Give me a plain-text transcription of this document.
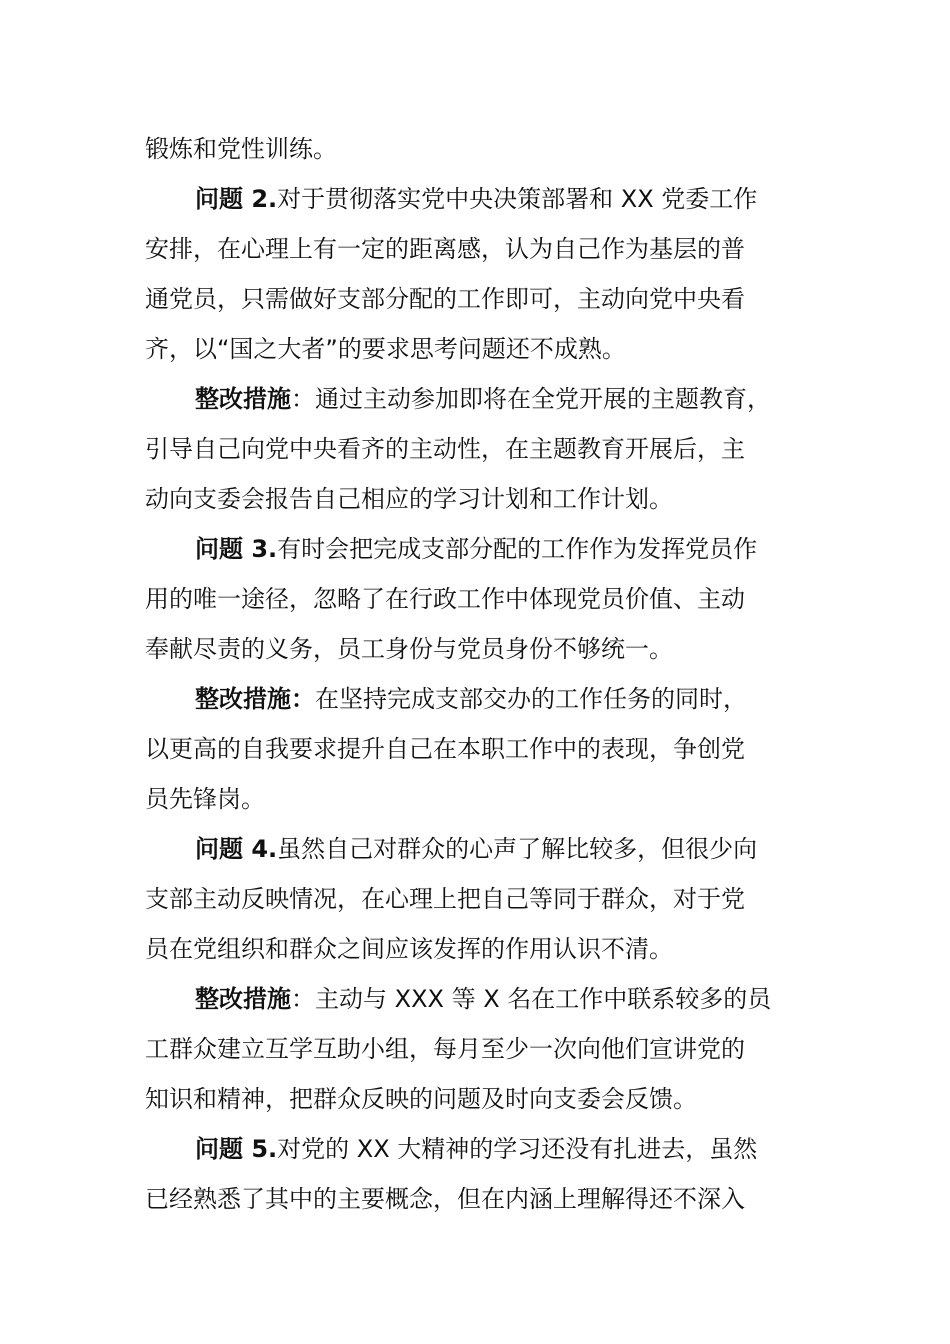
锻炼和党性训练。

问题 2.对于贯彻落实党中央决策部署和 XX 党委工作

安排，在心理上有一定的距离感，认为自己作为基层的普

通党员，只需做好支部分配的工作即可，主动向党中央看

齐，以“国之大者”的要求思考问题还不成熟。

整改措施：通过主动参加即将在全党开展的主题教育，

引导自己向党中央看齐的主动性，在主题教育开展后，主

动向支委会报告自己相应的学习计划和工作计划。

问题 3.有时会把完成支部分配的工作作为发挥党员作

用的唯一途径，忽略了在行政工作中体现党员价值、主动

奉献尽责的义务，员工身份与党员身份不够统一。

整改措施：在坚持完成支部交办的工作任务的同时，

以更高的自我要求提升自己在本职工作中的表现，争创党

员先锋岗。

问题 4.虽然自己对群众的心声了解比较多，但很少向

支部主动反映情况，在心理上把自己等同于群众，对于党

员在党组织和群众之间应该发挥的作用认识不清。

整改措施：主动与 XXX 等 X 名在工作中联系较多的员

工群众建立互学互助小组，每月至少一次向他们宣讲党的

知识和精神，把群众反映的问题及时向支委会反馈。

问题 5.对党的 XX 大精神的学习还没有扎进去，虽然

已经熟悉了其中的主要概念，但在内涵上理解得还不深入
